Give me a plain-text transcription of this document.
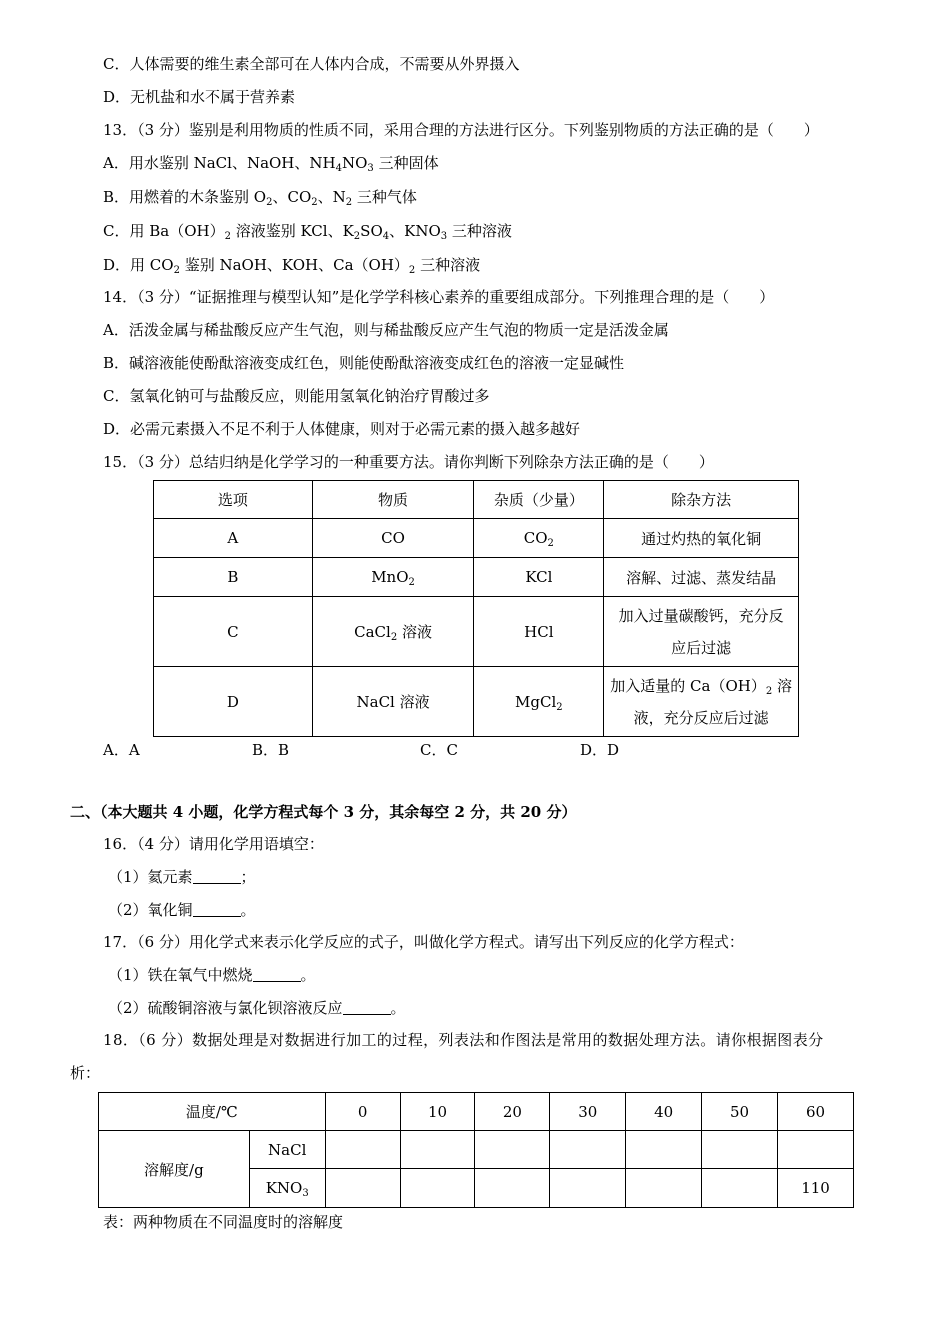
C．人体需要的维生素全部可在人体内合成，不需要从外界摄入
D．无机盐和水不属于营养素
13．（3 分）鉴别是利用物质的性质不同，采用合理的方法进行区分。下列鉴别物质的方法正确的是（　　）
A．用水鉴别 NaCl、NaOH、$NH_4NO_3$ 三种固体
B．用燃着的木条鉴别 $O_2$、$CO_2$、$N_2$ 三种气体
C．用 $Ba(OH)_2$ 溶液鉴别 KCl、$K_2SO_4$、$KNO_3$ 三种溶液
D．用 $CO_2$ 鉴别 NaOH、KOH、$Ca(OH)_2$ 三种溶液
14．（3 分）“证据推理与模型认知”是化学学科核心素养的重要组成部分。下列推理合理的是（　　）
A．活泼金属与稀盐酸反应产生气泡，则与稀盐酸反应产生气泡的物质一定是活泼金属
B．碱溶液能使酚酞溶液变成红色，则能使酚酞溶液变成红色的溶液一定显碱性
C．氢氧化钠可与盐酸反应，则能用氢氧化钠治疗胃酸过多
D．必需元素摄入不足不利于人体健康，则对于必需元素的摄入越多越好
15．（3 分）总结归纳是化学学习的一种重要方法。请你判断下列除杂方法正确的是（　　）
选项	物质	杂质（少量）	除杂方法
A	CO	$CO_2$	通过灼热的氧化铜
B	MnO$_2$	KCl	溶解、过滤、蒸发结晶
C	CaCl$_2$ 溶液	HCl	加入过量碳酸钙，充分反
应后过滤
D	NaCl 溶液	MgCl$_2$	加入适量的 $Ca(OH)_2$ 溶
液，充分反应后过滤
A．A	B．B	C．C	D．D
二、（本大题共 4 小题，化学方程式每个 3 分，其余每空 2 分，共 20 分）
16．（4 分）请用化学用语填空：
（1）氦元素	；
（2）氧化铜	。
17．（6 分）用化学式来表示化学反应的式子，叫做化学方程式。请写出下列反应的化学方程式：
（1）铁在氧气中燃烧	。
（2）硫酸铜溶液与氯化钡溶液反应	。
18．（6 分）数据处理是对数据进行加工的过程，列表法和作图法是常用的数据处理方法。请你根据图表分
析：
温度/℃		0	10	20	30	40	50	60
溶解度/g	NaCl							
	$KNO_3$							110
表：两种物质在不同温度时的溶解度
